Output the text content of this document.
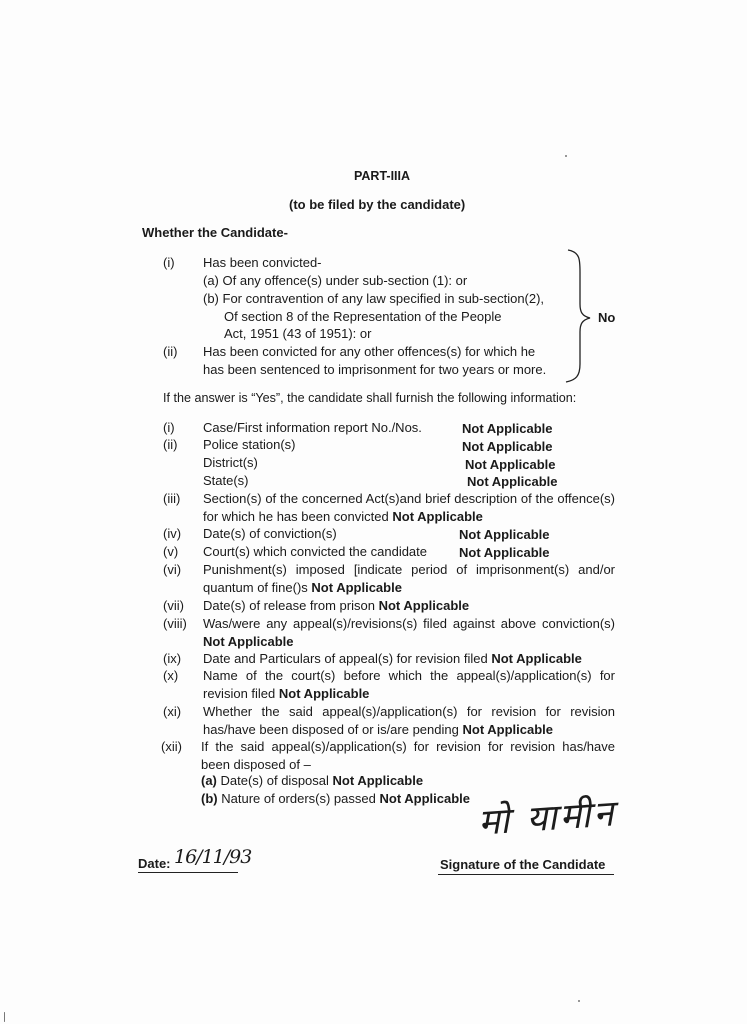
PART-IIIA
(to be filed by the candidate)
Whether the Candidate-
(i)	Has been convicted-
(a) Of any offence(s) under sub-section (1): or
(b) For contravention of any law specified in sub-section(2),
Of section 8 of the Representation of the People
Act, 1951 (43 of 1951): or
(ii)	Has been convicted for any other offences(s) for which he
has been sentenced to imprisonment for two years or more.
No
If the answer is “Yes”, the candidate shall furnish the following information:
(i)	Case/First information report No./Nos.	Not Applicable
(ii)	Police station(s)	Not Applicable
District(s)	Not Applicable
State(s)	Not Applicable
(iii)	Section(s) of the concerned Act(s)and brief description of the offence(s) for which he has been convicted Not Applicable
(iv)	Date(s) of conviction(s)	Not Applicable
(v)	Court(s) which convicted the candidate Not Applicable
(vi)	Punishment(s) imposed [indicate period of imprisonment(s) and/or quantum of fine()s Not Applicable
(vii)	Date(s) of release from prison Not Applicable
(viii)	Was/were any appeal(s)/revisions(s) filed against above conviction(s) Not Applicable
(ix)	Date and Particulars of appeal(s) for revision filed Not Applicable
(x)	Name of the court(s) before which the appeal(s)/application(s) for revision filed Not Applicable
(xi)	Whether the said appeal(s)/application(s) for revision for revision has/have been disposed of or is/are pending Not Applicable
(xii)	If the said appeal(s)/application(s) for revision for revision has/have been disposed of –
(a) Date(s) of disposal Not Applicable
(b) Nature of orders(s) passed Not Applicable मो यामीन
Date: 16/11/93	Signature of the Candidate
